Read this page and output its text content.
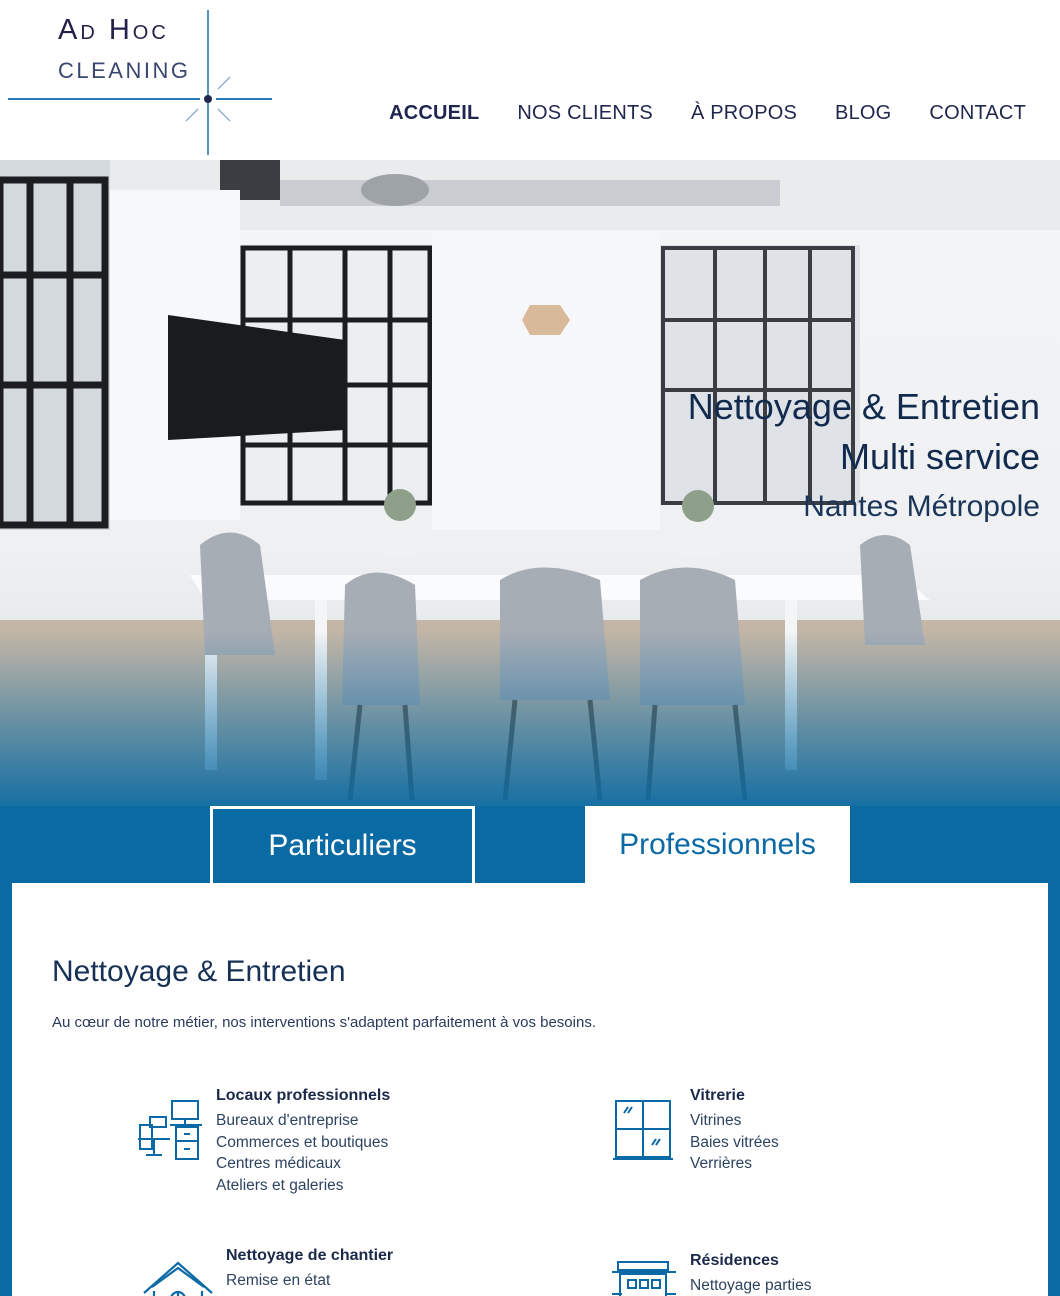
Ad Hoc
CLEANING
ACCUEIL NOS CLIENTS À PROPOS BLOG CONTACT
Nettoyage & Entretien
Multi service
Nantes Métropole
Particuliers	Professionnels
Nettoyage & Entretien
Au cœur de notre métier, nos interventions s'adaptent parfaitement à vos besoins.
Locaux professionnels
Bureaux d'entreprise
Commerces et boutiques
Centres médicaux
Ateliers et galeries
Vitrerie
Vitrines
Baies vitrées
Verrières
Nettoyage de chantier
Remise en état
Résidences
Nettoyage parties
